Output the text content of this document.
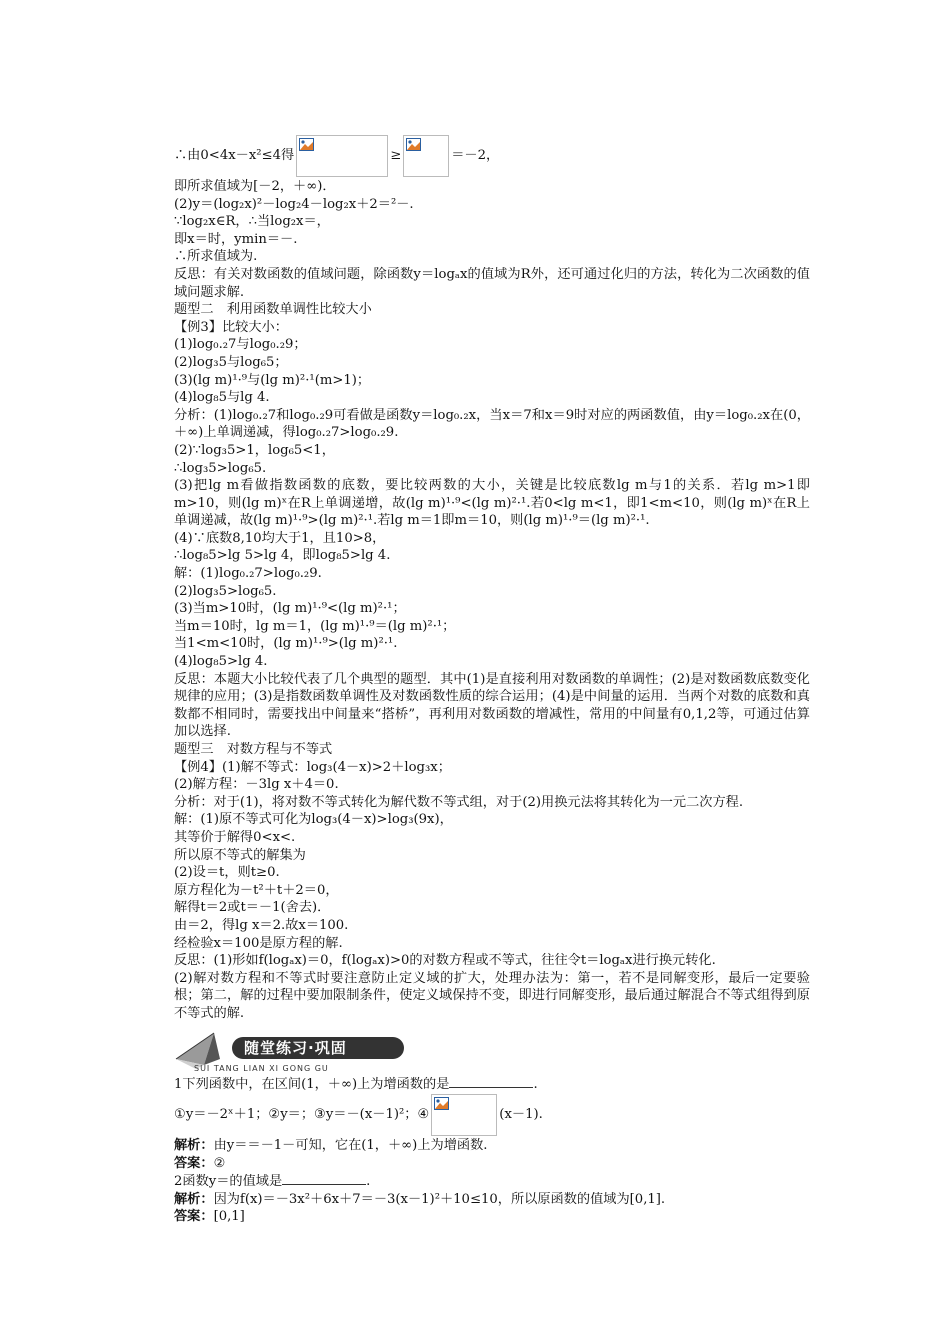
∴由0<4x－x²≤4得	≥	＝－2，
即所求值域为[－2，＋∞)．
(2)y＝(log₂x)²－log₂4－log₂x＋2＝²－.
∵log₂x∈R，∴当log₂x＝，
即x＝时，ymin＝－.
∴所求值域为.
反思：有关对数函数的值域问题，除函数y＝logₐx的值域为R外，还可通过化归的方法，转化为二次函数的值域问题求解.
题型二　利用函数单调性比较大小
【例3】比较大小：
(1)log₀.₂7与log₀.₂9；
(2)log₃5与log₆5；
(3)(lg m)¹·⁹与(lg m)²·¹(m>1)；
(4)log₈5与lg 4.
分析：(1)log₀.₂7和log₀.₂9可看做是函数y＝log₀.₂x，当x＝7和x＝9时对应的两函数值，由y＝log₀.₂x在(0，＋∞)上单调递减，得log₀.₂7>log₀.₂9.
(2)∵log₃5>1，log₆5<1，
∴log₃5>log₆5.
(3)把lg m看做指数函数的底数，要比较两数的大小，关键是比较底数lg m与1的关系．若lg m>1即m>10，则(lg m)ˣ在R上单调递增，故(lg m)¹·⁹<(lg m)²·¹.若0<lg m<1，即1<m<10，则(lg m)ˣ在R上单调递减，故(lg m)¹·⁹>(lg m)²·¹.若lg m＝1即m＝10，则(lg m)¹·⁹＝(lg m)²·¹.
(4)∵底数8,10均大于1，且10>8，
∴log₈5>lg 5>lg 4，即log₈5>lg 4.
解：(1)log₀.₂7>log₀.₂9.
(2)log₃5>log₆5.
(3)当m>10时，(lg m)¹·⁹<(lg m)²·¹；
当m＝10时，lg m＝1，(lg m)¹·⁹＝(lg m)²·¹；
当1<m<10时，(lg m)¹·⁹>(lg m)²·¹.
(4)log₈5>lg 4.
反思：本题大小比较代表了几个典型的题型．其中(1)是直接利用对数函数的单调性；(2)是对数函数底数变化规律的应用；(3)是指数函数单调性及对数函数性质的综合运用；(4)是中间量的运用．当两个对数的底数和真数都不相同时，需要找出中间量来“搭桥”，再利用对数函数的增减性，常用的中间量有0,1,2等，可通过估算加以选择.
题型三　对数方程与不等式
【例4】(1)解不等式：log₃(4－x)>2＋log₃x；
(2)解方程：－3lg x＋4＝0.
分析：对于(1)，将对数不等式转化为解代数不等式组，对于(2)用换元法将其转化为一元二次方程.
解：(1)原不等式可化为log₃(4－x)>log₃(9x)，
其等价于解得0<x<.
所以原不等式的解集为
(2)设＝t，则t≥0.
原方程化为－t²＋t＋2＝0，
解得t＝2或t＝－1(舍去)．
由＝2，得lg x＝2.故x＝100.
经检验x＝100是原方程的解.
反思：(1)形如f(logₐx)＝0，f(logₐx)>0的对数方程或不等式，往往令t＝logₐx进行换元转化.
(2)解对数方程和不等式时要注意防止定义域的扩大，处理办法为：第一，若不是同解变形，最后一定要验根；第二，解的过程中要加限制条件，使定义域保持不变，即进行同解变形，最后通过解混合不等式组得到原不等式的解.
随堂练习·巩固
SUI TANG LIAN XI GONG GU
1下列函数中，在区间(1，＋∞)上为增函数的是	.
①y＝－2ˣ＋1；②y＝；③y＝－(x－1)²；④	(x－1).
解析：由y＝＝－1－可知，它在(1，＋∞)上为增函数.
答案：②
2函数y＝的值域是	.
解析：因为f(x)＝－3x²＋6x＋7＝－3(x－1)²＋10≤10，所以原函数的值域为[0,1].
答案：[0,1]
